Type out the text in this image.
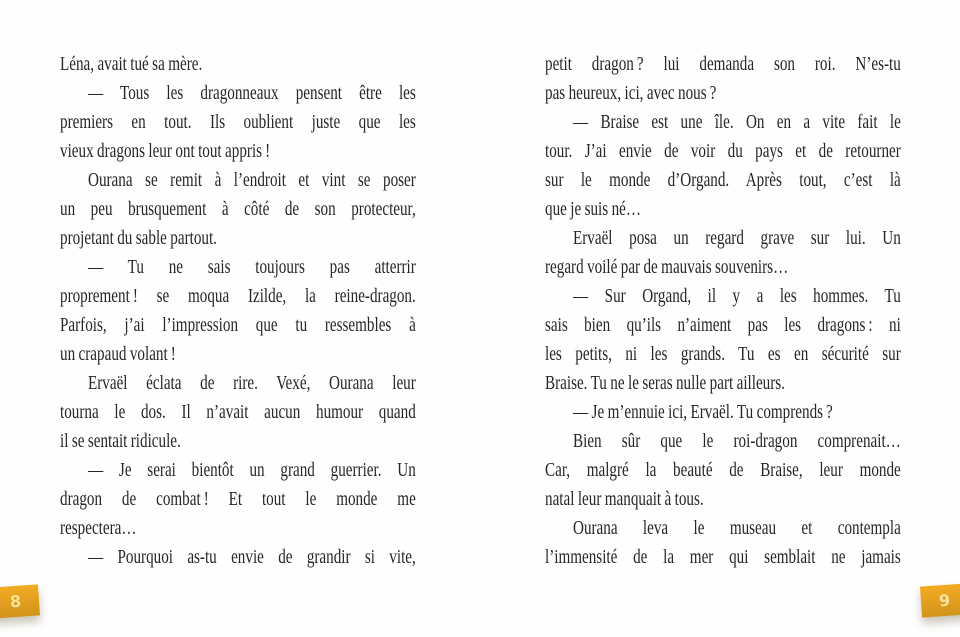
Léna, avait tué sa mère.
— Tous les dragonneaux pensent être les
premiers en tout. Ils oublient juste que les
vieux dragons leur ont tout appris !
Ourana se remit à l’endroit et vint se poser
un peu brusquement à côté de son protecteur,
projetant du sable partout.
— Tu ne sais toujours pas atterrir
proprement ! se moqua Izilde, la reine-dragon.
Parfois, j’ai l’impression que tu ressembles à
un crapaud volant !
Ervaël éclata de rire. Vexé, Ourana leur
tourna le dos. Il n’avait aucun humour quand
il se sentait ridicule.
— Je serai bientôt un grand guerrier. Un
dragon de combat ! Et tout le monde me
respectera…
— Pourquoi as-tu envie de grandir si vite,
petit dragon ? lui demanda son roi. N’es-tu
pas heureux, ici, avec nous ?
— Braise est une île. On en a vite fait le
tour. J’ai envie de voir du pays et de retourner
sur le monde d’Organd. Après tout, c’est là
que je suis né…
Ervaël posa un regard grave sur lui. Un
regard voilé par de mauvais souvenirs…
— Sur Organd, il y a les hommes. Tu
sais bien qu’ils n’aiment pas les dragons : ni
les petits, ni les grands. Tu es en sécurité sur
Braise. Tu ne le seras nulle part ailleurs.
— Je m’ennuie ici, Ervaël. Tu comprends ?
Bien sûr que le roi-dragon comprenait…
Car, malgré la beauté de Braise, leur monde
natal leur manquait à tous.
Ourana leva le museau et contempla
l’immensité de la mer qui semblait ne jamais
8	9
